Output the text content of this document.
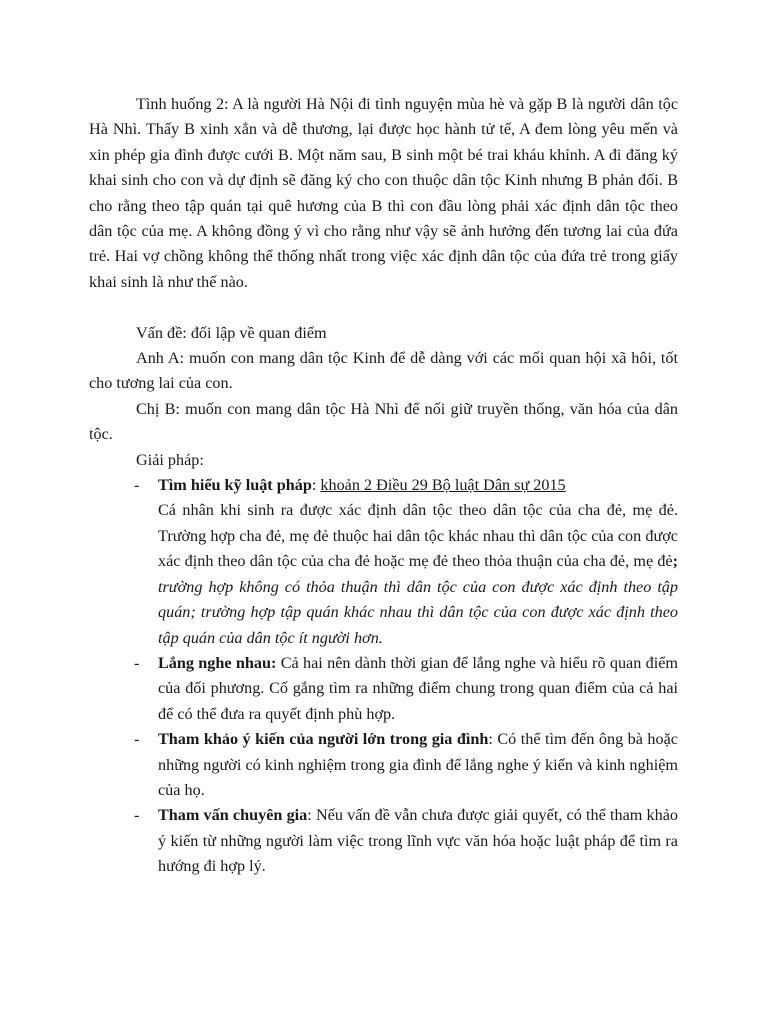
Tình huống 2: A là người Hà Nội đi tình nguyện mùa hè và gặp B là người dân tộc Hà Nhì. Thấy B xinh xắn và dễ thương, lại được học hành tử tế, A đem lòng yêu mến và xin phép gia đình được cưới B. Một năm sau, B sinh một bé trai kháu khỉnh. A đi đăng ký khai sinh cho con và dự định sẽ đăng ký cho con thuộc dân tộc Kinh nhưng B phản đối. B cho rằng theo tập quán tại quê hương của B thì con đầu lòng phải xác định dân tộc theo dân tộc của mẹ. A không đồng ý vì cho rằng như vậy sẽ ảnh hưởng đến tương lai của đứa trẻ. Hai vợ chồng không thể thống nhất trong việc xác định dân tộc của đứa trẻ trong giấy khai sinh là như thế nào.

Vấn đề: đối lập về quan điểm

Anh A: muốn con mang dân tộc Kinh để dễ dàng với các mối quan hội xã hôi, tốt cho tương lai của con.

Chị B: muốn con mang dân tộc Hà Nhì để nối giữ truyền thống, văn hóa của dân tộc.

Giải pháp:

- Tìm hiểu kỹ luật pháp: khoản 2 Điều 29 Bộ luật Dân sự 2015
Cá nhân khi sinh ra được xác định dân tộc theo dân tộc của cha đẻ, mẹ đẻ. Trường hợp cha đẻ, mẹ đẻ thuộc hai dân tộc khác nhau thì dân tộc của con được xác định theo dân tộc của cha đẻ hoặc mẹ đẻ theo thỏa thuận của cha đẻ, mẹ đẻ; trường hợp không có thỏa thuận thì dân tộc của con được xác định theo tập quán; trường hợp tập quán khác nhau thì dân tộc của con được xác định theo tập quán của dân tộc ít người hơn.
- Lắng nghe nhau: Cả hai nên dành thời gian để lắng nghe và hiểu rõ quan điểm của đối phương. Cố gắng tìm ra những điểm chung trong quan điểm của cả hai để có thể đưa ra quyết định phù hợp.
- Tham khảo ý kiến của người lớn trong gia đình: Có thể tìm đến ông bà hoặc những người có kinh nghiệm trong gia đình để lắng nghe ý kiến và kinh nghiệm của họ.
- Tham vấn chuyên gia: Nếu vấn đề vẫn chưa được giải quyết, có thể tham khảo ý kiến từ những người làm việc trong lĩnh vực văn hóa hoặc luật pháp để tìm ra hướng đi hợp lý.
